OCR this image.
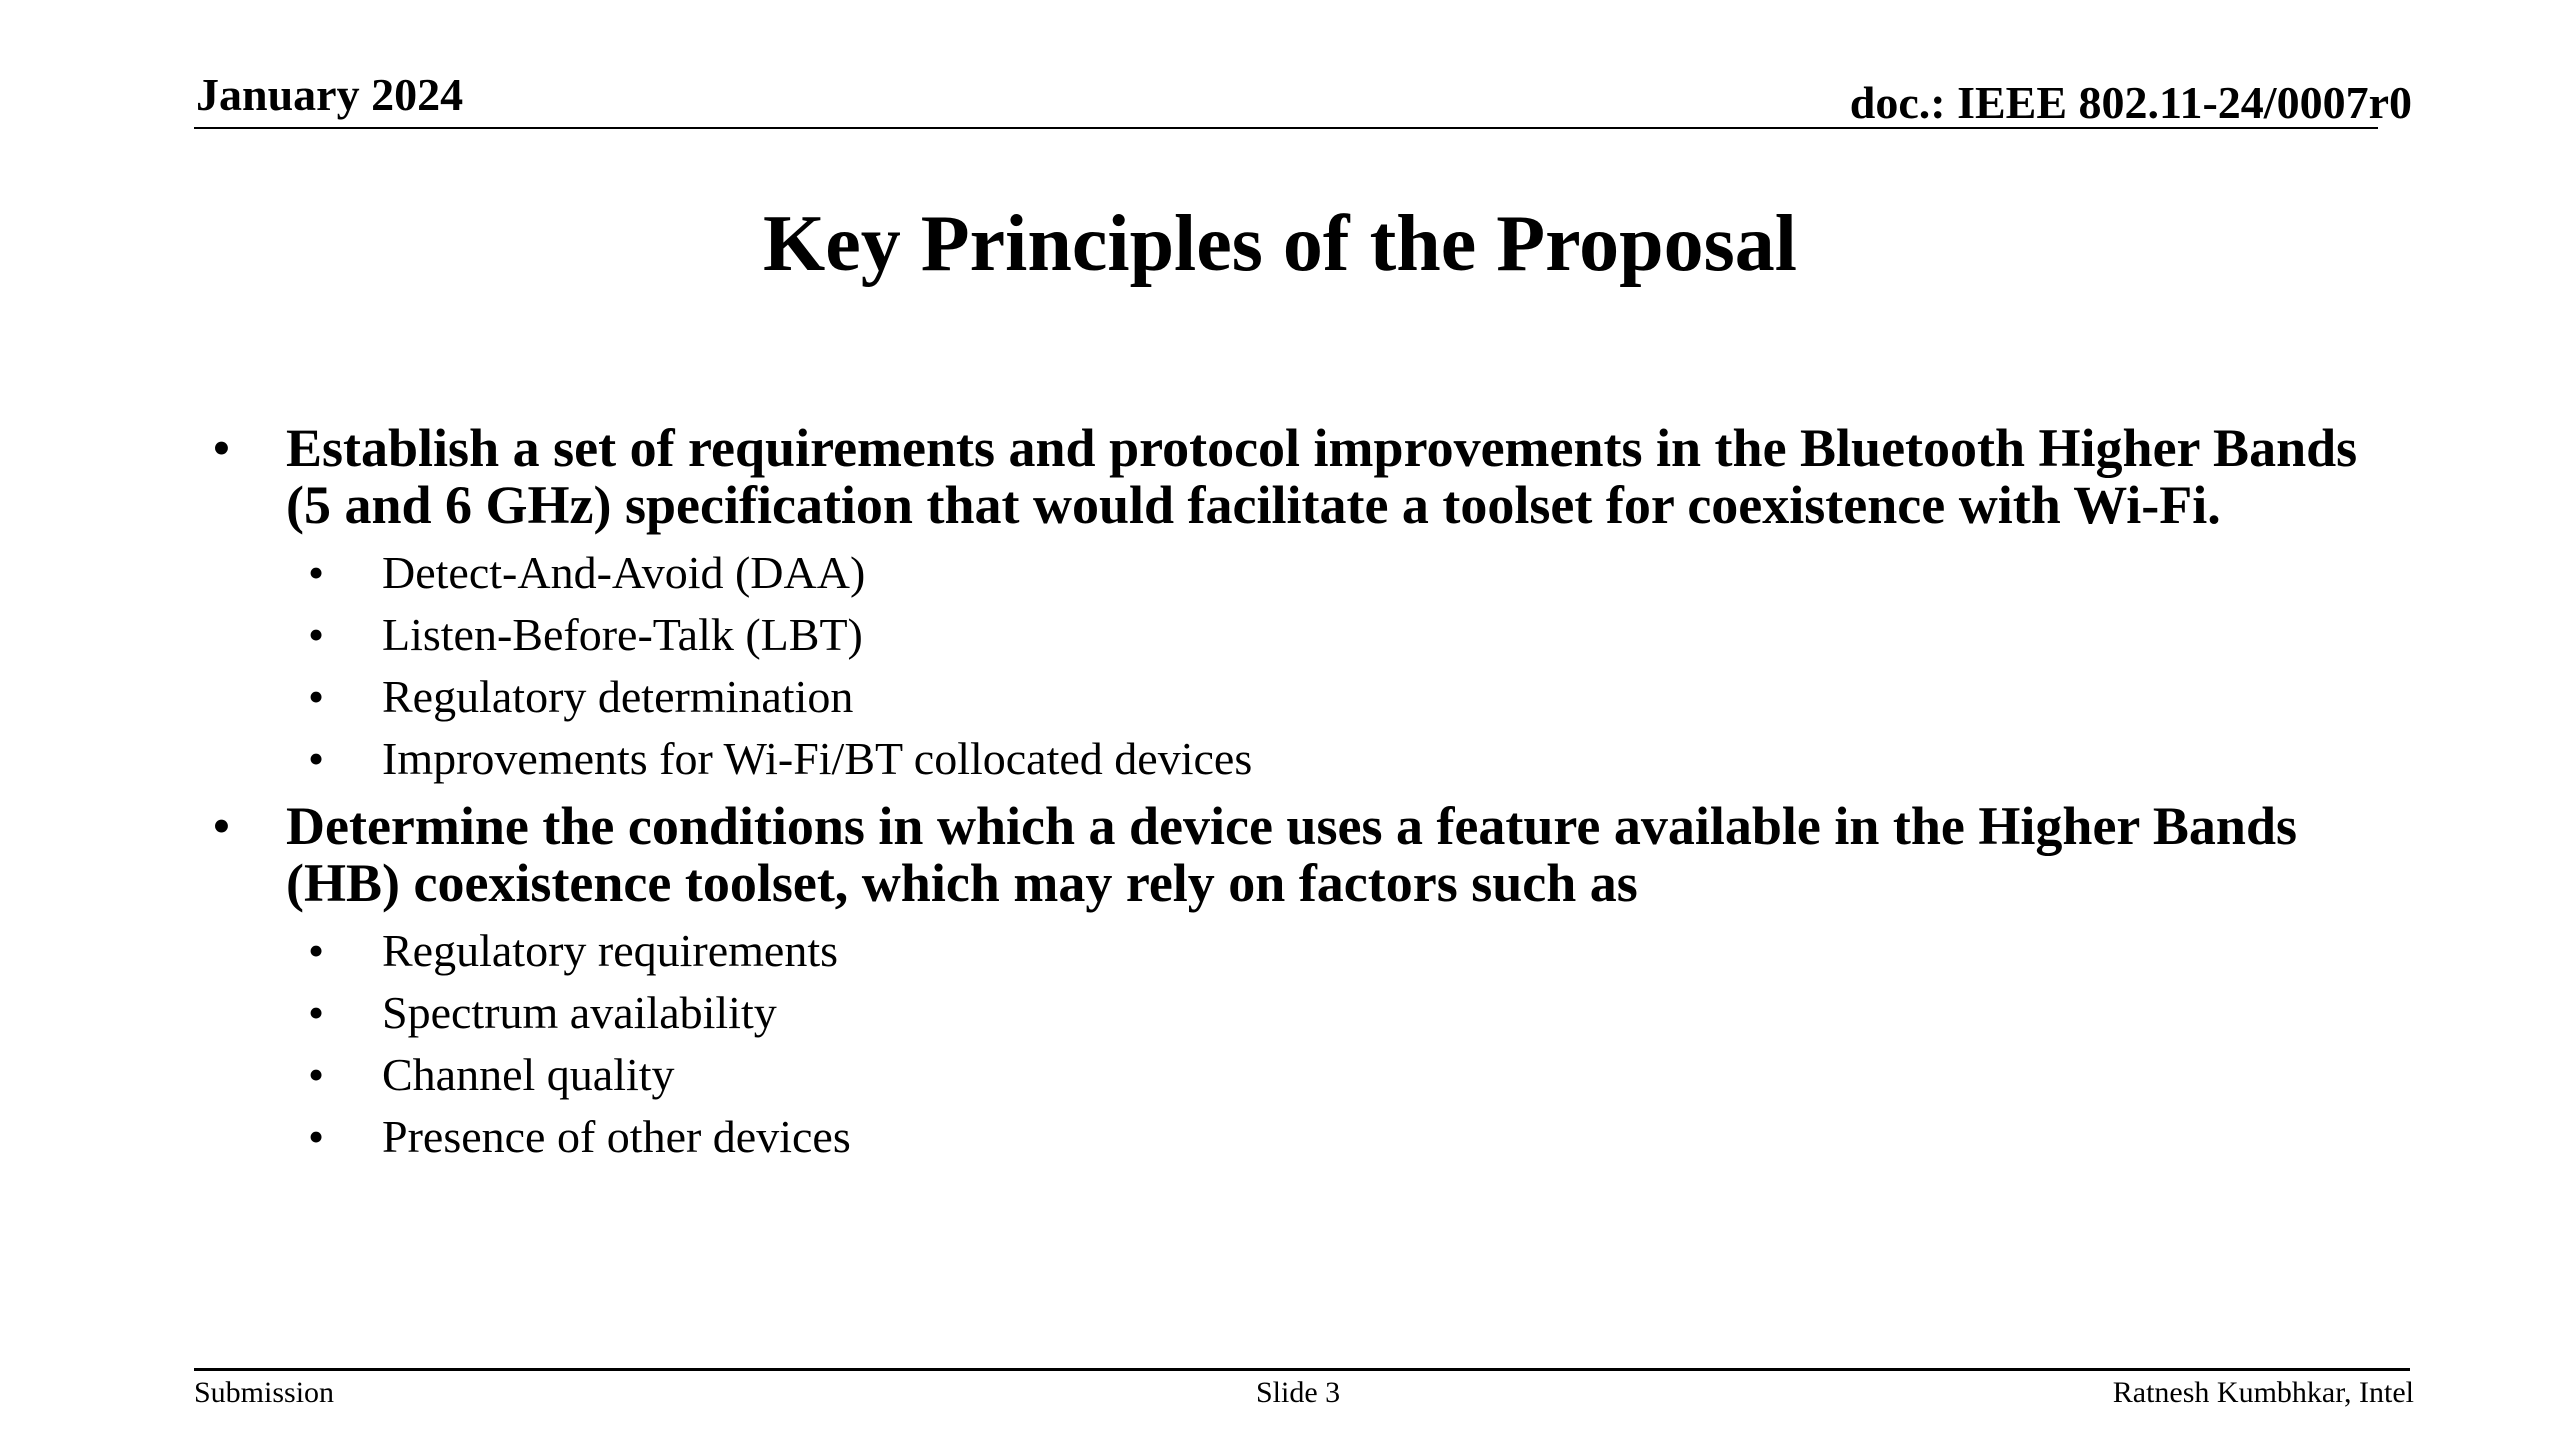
January 2024	doc.: IEEE 802.11-24/0007r0
Key Principles of the Proposal
• Establish a set of requirements and protocol improvements in the Bluetooth Higher Bands (5 and 6 GHz) specification that would facilitate a toolset for coexistence with Wi-Fi.
• Detect-And-Avoid (DAA)
• Listen-Before-Talk (LBT)
• Regulatory determination
• Improvements for Wi-Fi/BT collocated devices
• Determine the conditions in which a device uses a feature available in the Higher Bands (HB) coexistence toolset, which may rely on factors such as
• Regulatory requirements
• Spectrum availability
• Channel quality
• Presence of other devices
Submission	Slide 3	Ratnesh Kumbhkar, Intel
